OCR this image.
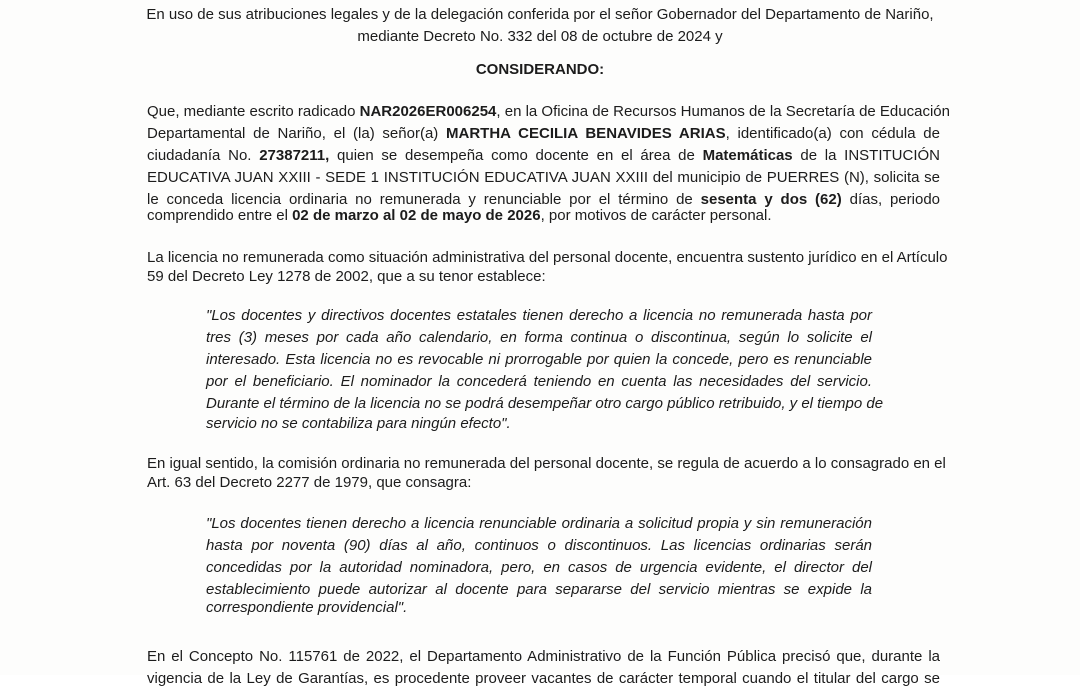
En uso de sus atribuciones legales y de la delegación conferida por el señor Gobernador del Departamento de Nariño,
mediante Decreto No. 332 del 08 de octubre de 2024 y
CONSIDERANDO:
Que, mediante escrito radicado NAR2026ER006254, en la Oficina de Recursos Humanos de la Secretaría de Educación
Departamental de Nariño, el (la) señor(a) MARTHA CECILIA BENAVIDES ARIAS, identificado(a) con cédula de
ciudadanía No. 27387211, quien se desempeña como docente en el área de Matemáticas de la INSTITUCIÓN
EDUCATIVA JUAN XXIII - SEDE 1 INSTITUCIÓN EDUCATIVA JUAN XXIII del municipio de PUERRES (N), solicita se
le conceda licencia ordinaria no remunerada y renunciable por el término de sesenta y dos (62) días, periodo
comprendido entre el 02 de marzo al 02 de mayo de 2026, por motivos de carácter personal.
La licencia no remunerada como situación administrativa del personal docente, encuentra sustento jurídico en el Artículo
59 del Decreto Ley 1278 de 2002, que a su tenor establece:
"Los docentes y directivos docentes estatales tienen derecho a licencia no remunerada hasta por
tres (3) meses por cada año calendario, en forma continua o discontinua, según lo solicite el
interesado. Esta licencia no es revocable ni prorrogable por quien la concede, pero es renunciable
por el beneficiario. El nominador la concederá teniendo en cuenta las necesidades del servicio.
Durante el término de la licencia no se podrá desempeñar otro cargo público retribuido, y el tiempo de
servicio no se contabiliza para ningún efecto".
En igual sentido, la comisión ordinaria no remunerada del personal docente, se regula de acuerdo a lo consagrado en el
Art. 63 del Decreto 2277 de 1979, que consagra:
"Los docentes tienen derecho a licencia renunciable ordinaria a solicitud propia y sin remuneración
hasta por noventa (90) días al año, continuos o discontinuos. Las licencias ordinarias serán
concedidas por la autoridad nominadora, pero, en casos de urgencia evidente, el director del
establecimiento puede autorizar al docente para separarse del servicio mientras se expide la
correspondiente providencial".
En el Concepto No. 115761 de 2022, el Departamento Administrativo de la Función Pública precisó que, durante la
vigencia de la Ley de Garantías, es procedente proveer vacantes de carácter temporal cuando el titular del cargo se
